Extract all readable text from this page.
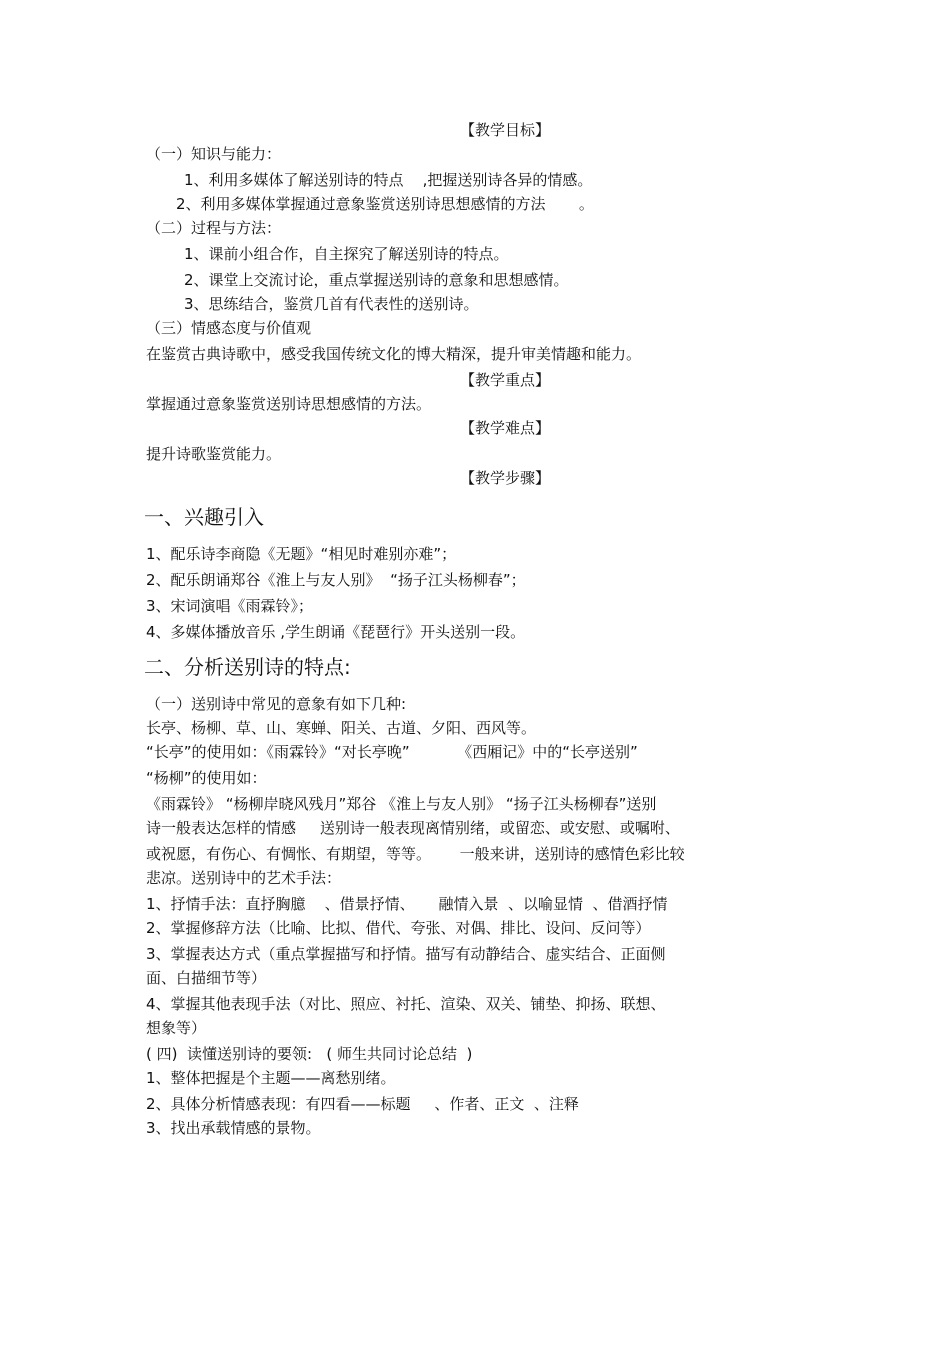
【教学目标】
（一）知识与能力：
1、利用多媒体了解送别诗的特点    ,把握送别诗各异的情感。
2、利用多媒体掌握通过意象鉴赏送别诗思想感情的方法       。
（二）过程与方法：
1、课前小组合作，自主探究了解送别诗的特点。
2、课堂上交流讨论，重点掌握送别诗的意象和思想感情。
3、思练结合，鉴赏几首有代表性的送别诗。
（三）情感态度与价值观
在鉴赏古典诗歌中，感受我国传统文化的博大精深，提升审美情趣和能力。
【教学重点】
掌握通过意象鉴赏送别诗思想感情的方法。
【教学难点】
提升诗歌鉴赏能力。
【教学步骤】
一、兴趣引入
1、配乐诗李商隐《无题》“相见时难别亦难”；
2、配乐朗诵郑谷《淮上与友人别》  “扬子江头杨柳春”；
3、宋词演唱《雨霖铃》；
4、多媒体播放音乐 ,学生朗诵《琵琶行》开头送别一段。
二、分析送别诗的特点:
（一）送别诗中常见的意象有如下几种:
长亭、杨柳、草、山、寒蝉、阳关、古道、夕阳、西风等。
“长亭”的使用如：《雨霖铃》“对长亭晚”          《西厢记》中的“长亭送别”
“杨柳”的使用如：
《雨霖铃》 “杨柳岸晓风残月”郑谷 《淮上与友人别》 “扬子江头杨柳春”送别
诗一般表达怎样的情感     送别诗一般表现离情别绪，或留恋、或安慰、或嘱咐、
或祝愿，有伤心、有惆怅、有期望，等等。      一般来讲，送别诗的感情色彩比较
悲凉。送别诗中的艺术手法：
1、抒情手法：直抒胸臆    、借景抒情、     融情入景  、以喻显情  、借酒抒情
2、掌握修辞方法（比喻、比拟、借代、夸张、对偶、排比、设问、反问等）
3、掌握表达方式（重点掌握描写和抒情。描写有动静结合、虚实结合、正面侧
面、白描细节等）
4、掌握其他表现手法（对比、照应、衬托、渲染、双关、铺垫、抑扬、联想、
想象等）
( 四)  读懂送别诗的要领:   ( 师生共同讨论总结  )
1、整体把握是个主题——离愁别绪。
2、具体分析情感表现：有四看——标题     、作者、正文  、注释
3、找出承载情感的景物。
